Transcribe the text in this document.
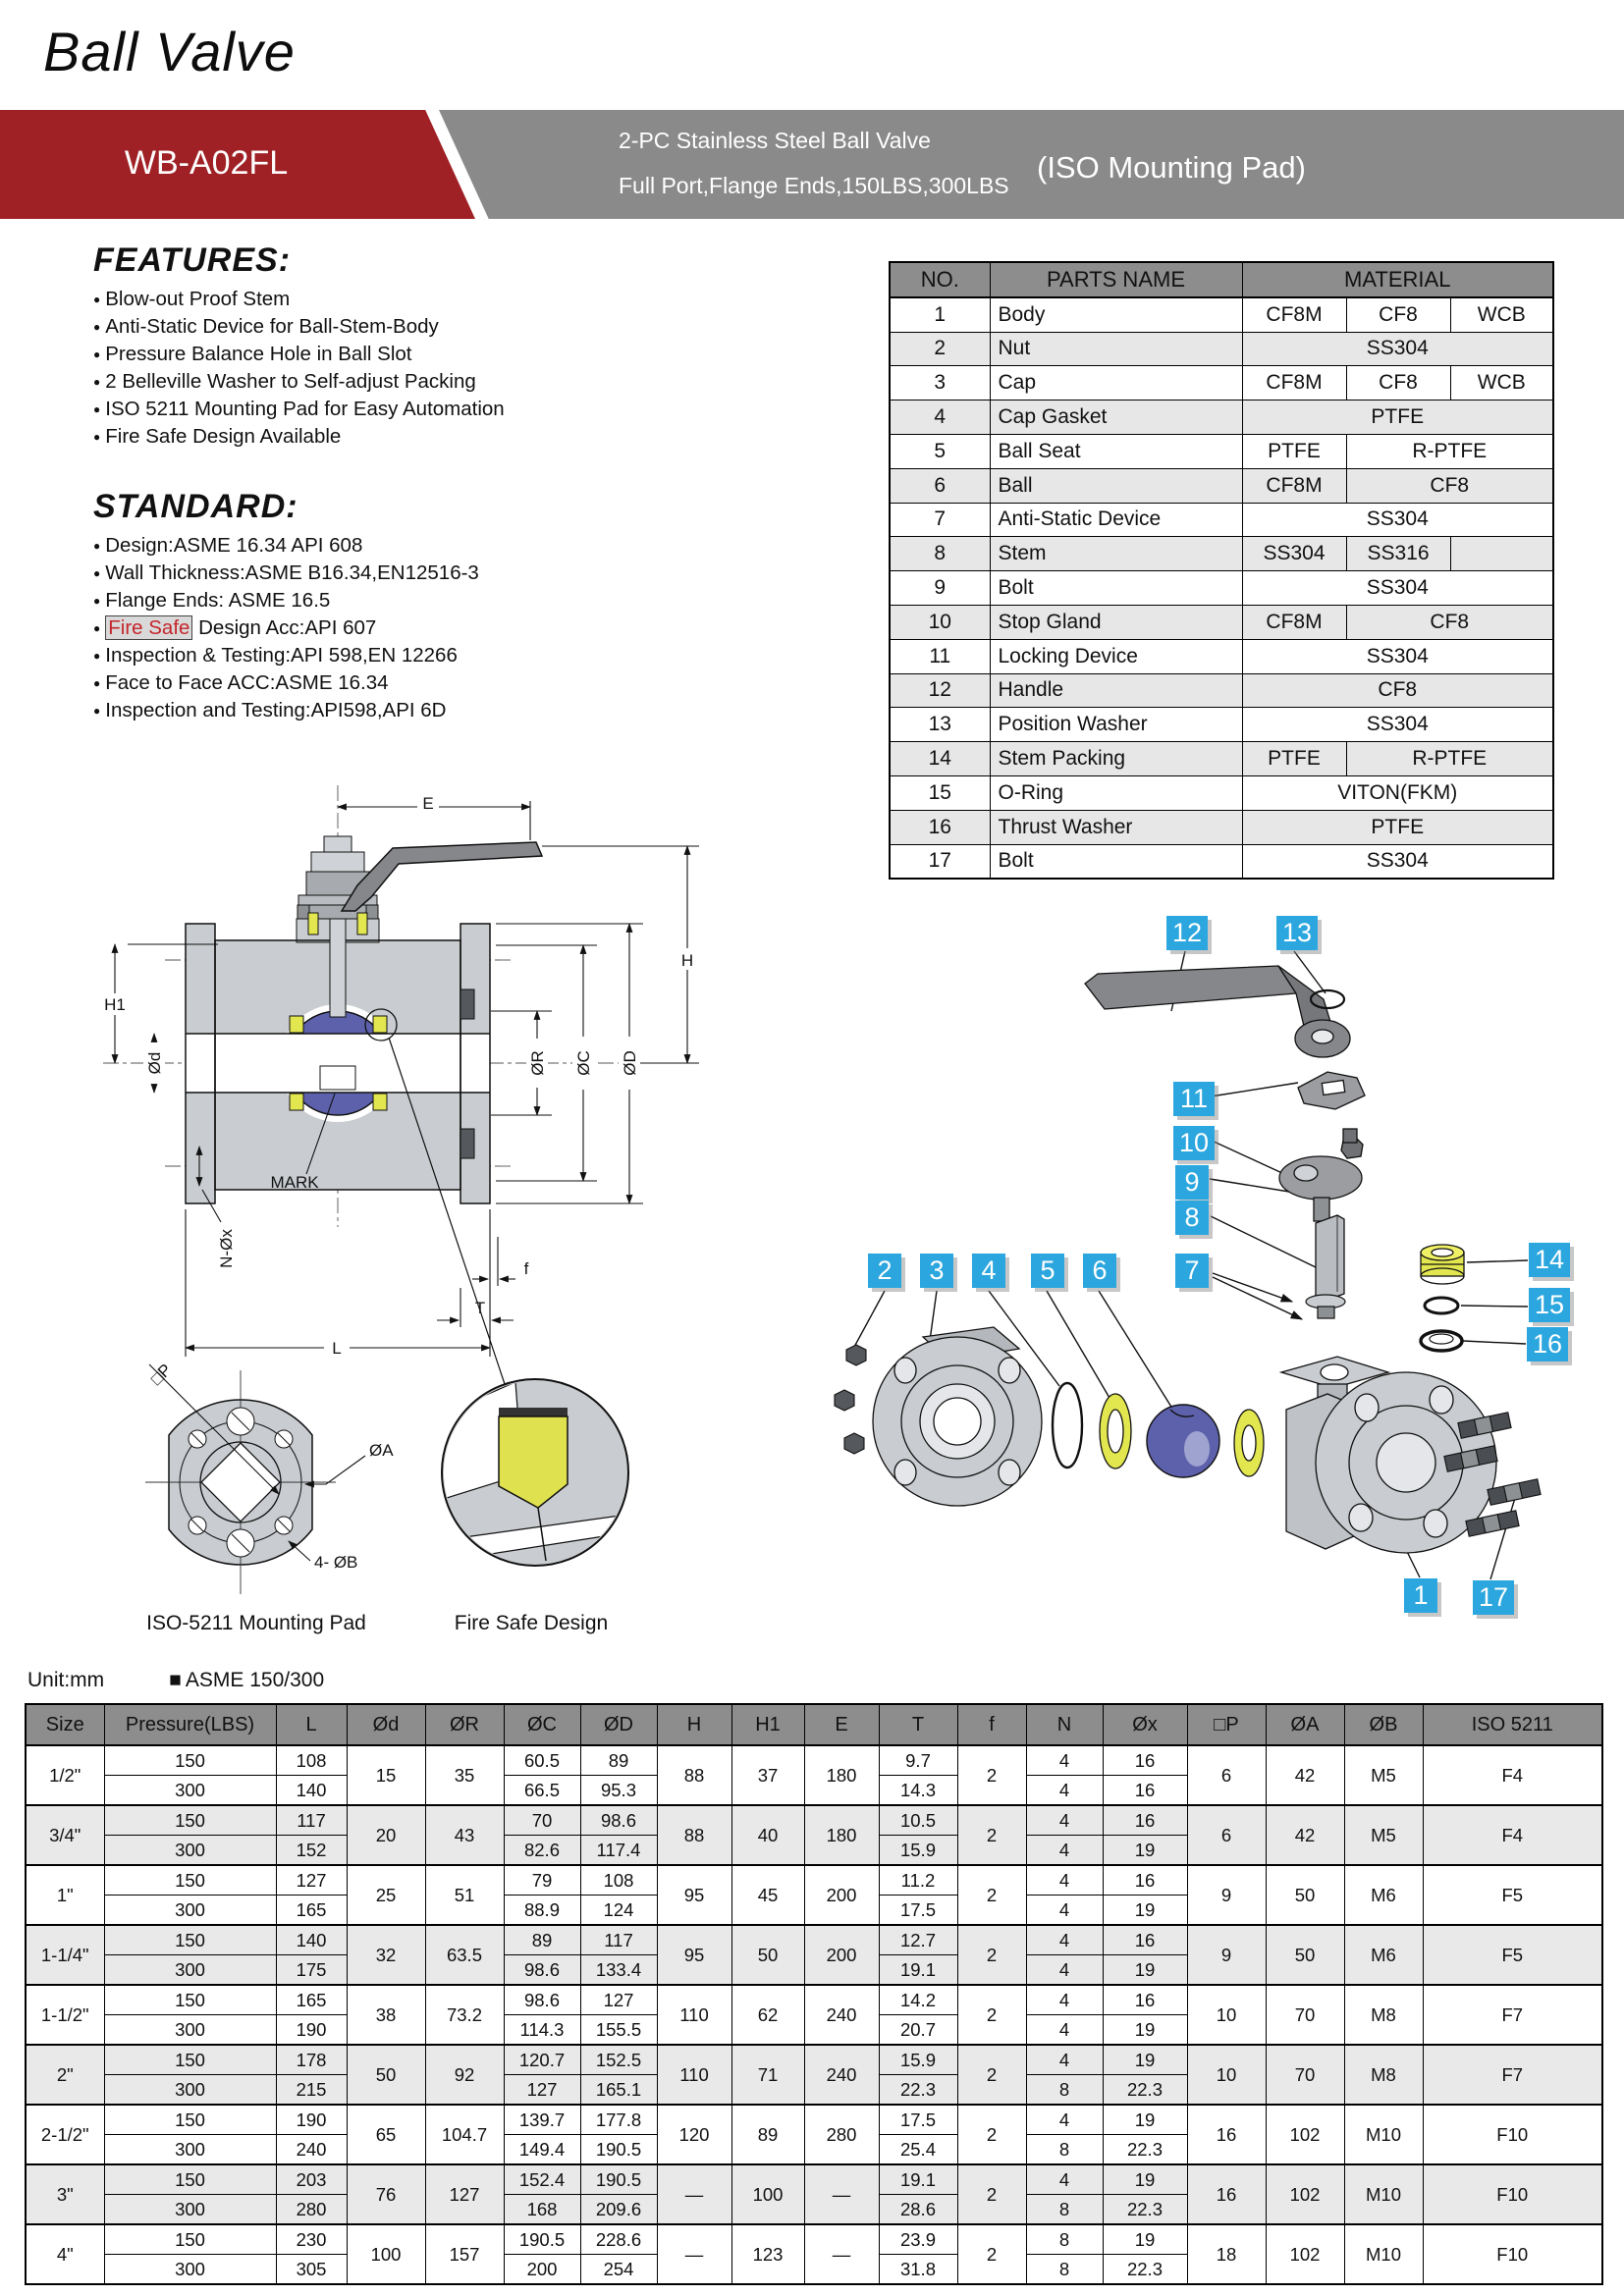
Ball Valve
WB-A02FL
2-PC Stainless Steel Ball Valve
Full Port,Flange Ends,150LBS,300LBS
(ISO Mounting Pad)
FEATURES:
● Blow-out Proof Stem
● Anti-Static Device for Ball-Stem-Body
● Pressure Balance Hole in Ball Slot
● 2 Belleville Washer to Self-adjust Packing
● ISO 5211 Mounting Pad for Easy Automation
● Fire Safe Design Available
STANDARD:
● Design:ASME 16.34 API 608
● Wall Thickness:ASME B16.34,EN12516-3
● Flange Ends: ASME 16.5
● Fire Safe Design Acc:API 607
● Inspection & Testing:API 598,EN 12266
● Face to Face ACC:ASME 16.34
● Inspection and Testing:API598,API 6D
NO.	PARTS NAME	MATERIAL		
1	Body	CF8M	CF8	WCB
2	Nut	SS304		
3	Cap	CF8M	CF8	WCB
4	Cap Gasket	PTFE		
5	Ball Seat	PTFE	R-PTFE	
6	Ball	CF8M	CF8	
7	Anti-Static Device	SS304		
8	Stem	SS304	SS316	
9	Bolt	SS304		
10	Stop Gland	CF8M	CF8	
11	Locking Device	SS304		
12	Handle	CF8		
13	Position Washer	SS304		
14	Stem Packing	PTFE	R-PTFE	
15	O-Ring	VITON(FKM)		
16	Thrust Washer	PTFE		
17	Bolt	SS304		
E
H
H1
Ød	ØR ØC ØD
L
T
f
N-Øx
MARK
□P
ØA
4- ØB
ISO-5211 Mounting Pad	Fire Safe Design
12	13
11
10
9
8
7
2	3	4	5	6	14
15
16
1	17
Unit:mm	■ ASME 150/300
Size	Pressure(LBS)	L	Ød	ØR	ØC	ØD	H	H1	E	T	f	N	Øx	□P	ØA	ØB	ISO 5211
1/2"	150	108	15	35	60.5	89	88	37	180	9.7	2	4	16	6	42	M5	F4
	300	140			66.5	95.3				14.3		4	16				
3/4"	150	117	20	43	70	98.6	88	40	180	10.5	2	4	16	6	42	M5	F4
	300	152			82.6	117.4				15.9		4	19				
1"	150	127	25	51	79	108	95	45	200	11.2	2	4	16	9	50	M6	F5
	300	165			88.9	124				17.5		4	19				
1-1/4"	150	140	32	63.5	89	117	95	50	200	12.7	2	4	16	9	50	M6	F5
	300	175			98.6	133.4				19.1		4	19				
1-1/2"	150	165	38	73.2	98.6	127	110	62	240	14.2	2	4	16	10	70	M8	F7
	300	190			114.3	155.5				20.7		4	19				
2"	150	178	50	92	120.7	152.5	110	71	240	15.9	2	4	19	10	70	M8	F7
	300	215			127	165.1				22.3		8	22.3				
2-1/2"	150	190	65	104.7	139.7	177.8	120	89	280	17.5	2	4	19	16	102	M10	F10
	300	240			149.4	190.5				25.4		8	22.3				
3"	150	203	76	127	152.4	190.5	—	100	—	19.1	2	4	19	16	102	M10	F10
	300	280			168	209.6				28.6		8	22.3				
4"	150	230	100	157	190.5	228.6	—	123	—	23.9	2	8	19	18	102	M10	F10
	300	305			200	254				31.8		8	22.3				
